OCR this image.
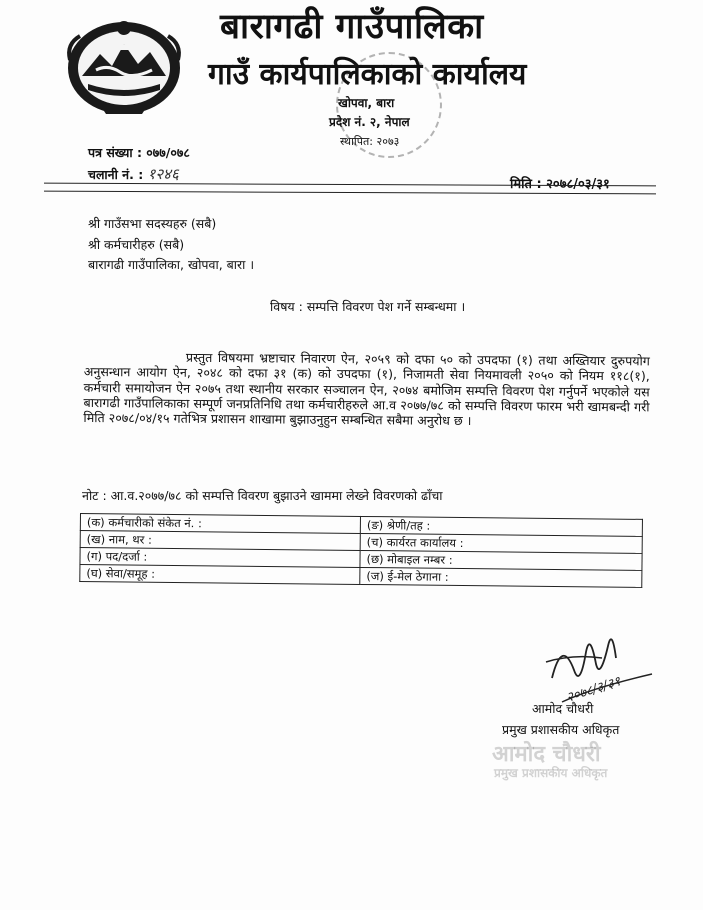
बारागढी गाउँपालिका
गाउँ कार्यपालिकाको कार्यालय
खोपवा, बारा
प्रदेश नं. २, नेपाल
स्थापित: २०७३
पत्र संख्या : ०७७/०७८
चलानी नं. : १२४६
मिति : २०७८/०३/३१
श्री गाउँसभा सदस्यहरु (सबै)
श्री कर्मचारीहरु (सबै)
बारागढी गाउँपालिका, खोपवा, बारा ।
विषय : सम्पत्ति विवरण पेश गर्ने सम्बन्धमा ।
प्रस्तुत विषयमा भ्रष्टाचार निवारण ऐन, २०५९ को दफा ५० को उपदफा (१) तथा अख्तियार दुरुपयोग अनुसन्धान आयोग ऐन, २०४८ को दफा ३१ (क) को उपदफा (१), निजामती सेवा नियमावली २०५० को नियम ११८(१), कर्मचारी समायोजन ऐन २०७५ तथा स्थानीय सरकार सञ्चालन ऐन, २०७४ बमोजिम सम्पत्ति विवरण पेश गर्नुपर्ने भएकोले यस बारागढी गाउँपालिकाका सम्पूर्ण जनप्रतिनिधि तथा कर्मचारीहरुले आ.व २०७७/७८ को सम्पत्ति विवरण फारम भरी खामबन्दी गरी मिति २०७८/०४/१५ गतेभित्र प्रशासन शाखामा बुझाउनुहुन सम्बन्धित सबैमा अनुरोध छ ।
नोट : आ.व.२०७७/७८ को सम्पत्ति विवरण बुझाउने खाममा लेख्ने विवरणको ढाँचा
(क) कर्मचारीको संकेत नं. :	(ङ) श्रेणी/तह :
(ख) नाम, थर :	(च) कार्यरत कार्यालय :
(ग) पद/दर्जा :	(छ) मोबाइल नम्बर :
(घ) सेवा/समूह :	(ज) ई-मेल ठेगाना :
२०७८/३/३१
आमोद चौधरी
प्रमुख प्रशासकीय अधिकृत
आमोद चौधरी
प्रमुख प्रशासकीय अधिकृत
